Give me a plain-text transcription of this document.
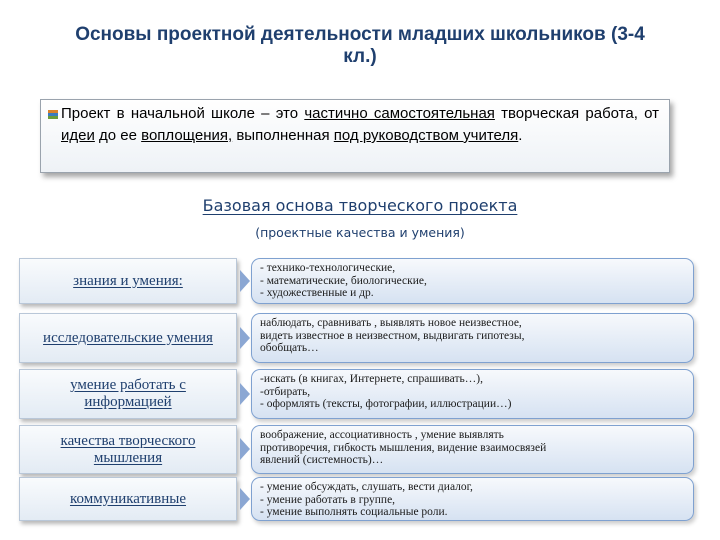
Основы проектной деятельности младших школьников (3-4 кл.)
Проект в начальной школе – это частично самостоятельная творческая работа, от идеи до ее воплощения, выполненная под руководством учителя.
Базовая основа творческого проекта
(проектные качества и умения)
знания и умения:
- технико-технологические,
- математические, биологические,
- художественные и др.
исследовательские умения
наблюдать, сравнивать , выявлять новое неизвестное,
видеть известное в неизвестном, выдвигать гипотезы,
обобщать…
умение работать с информацией
-искать (в книгах, Интернете, спрашивать…),
-отбирать,
- оформлять (тексты, фотографии, иллюстрации…)
качества творческого мышления
воображение, ассоциативность , умение выявлять
противоречия, гибкость мышления, видение взаимосвязей
явлений (системность)…
коммуникативные
- умение обсуждать, слушать, вести диалог,
- умение работать в группе,
- умение выполнять социальные роли.
